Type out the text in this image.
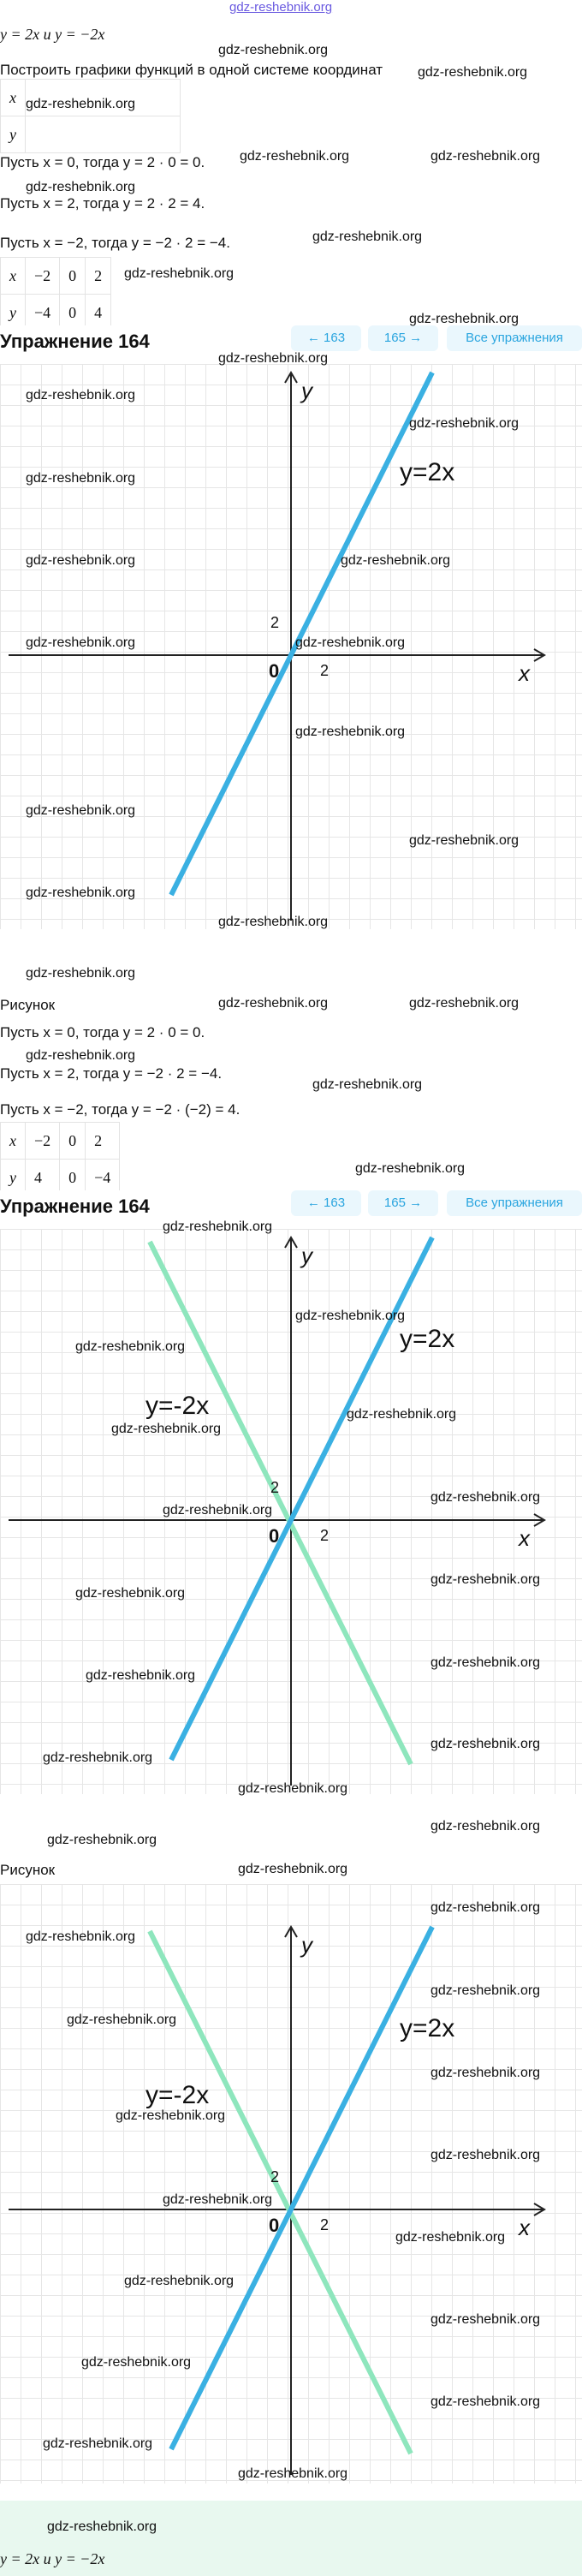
gdz-reshebnik.org
y = 2x и y = −2x
Построить графики функций в одной системе координат
x	
y	
Пусть x = 0, тогда y = 2 · 0 = 0.
Пусть x = 2, тогда y = 2 · 2 = 4.
Пусть x = −2, тогда y = −2 · 2 = −4.
x	−2	0	2
y	−4	0	4
Упражнение 164	← 163	165 →	Все упражнения
y
x
0	2
2
y=2x
Рисунок
Пусть x = 0, тогда y = 2 · 0 = 0.
Пусть x = 2, тогда y = −2 · 2 = −4.
Пусть x = −2, тогда y = −2 · (−2) = 4.
x	−2	0	2
y	4	0	−4
Упражнение 164	← 163	165 →	Все упражнения
y
x
0	2
2
y=2x
y=-2x
Рисунок
y
x
0	2
2
y=2x
y=-2x
y = 2x и y = −2x
gdz-reshebnik.org
gdz-reshebnik.org
gdz-reshebnik.org
gdz-reshebnik.org	gdz-reshebnik.org
gdz-reshebnik.org
gdz-reshebnik.org
gdz-reshebnik.org
gdz-reshebnik.org
gdz-reshebnik.org
gdz-reshebnik.org
gdz-reshebnik.org
gdz-reshebnik.org
gdz-reshebnik.org	gdz-reshebnik.org
gdz-reshebnik.org	gdz-reshebnik.org
gdz-reshebnik.org
gdz-reshebnik.org
gdz-reshebnik.org
gdz-reshebnik.org
gdz-reshebnik.org
gdz-reshebnik.org
gdz-reshebnik.org	gdz-reshebnik.org
gdz-reshebnik.org
gdz-reshebnik.org
gdz-reshebnik.org
gdz-reshebnik.org
gdz-reshebnik.org
gdz-reshebnik.org
gdz-reshebnik.org
gdz-reshebnik.org
gdz-reshebnik.org
gdz-reshebnik.org
gdz-reshebnik.org
gdz-reshebnik.org
gdz-reshebnik.org
gdz-reshebnik.org
gdz-reshebnik.org
gdz-reshebnik.org
gdz-reshebnik.org
gdz-reshebnik.org
gdz-reshebnik.org
gdz-reshebnik.org
gdz-reshebnik.org
gdz-reshebnik.org
gdz-reshebnik.org
gdz-reshebnik.org
gdz-reshebnik.org
gdz-reshebnik.org
gdz-reshebnik.org
gdz-reshebnik.org
gdz-reshebnik.org
gdz-reshebnik.org
gdz-reshebnik.org
gdz-reshebnik.org
gdz-reshebnik.org
gdz-reshebnik.org
gdz-reshebnik.org
gdz-reshebnik.org
